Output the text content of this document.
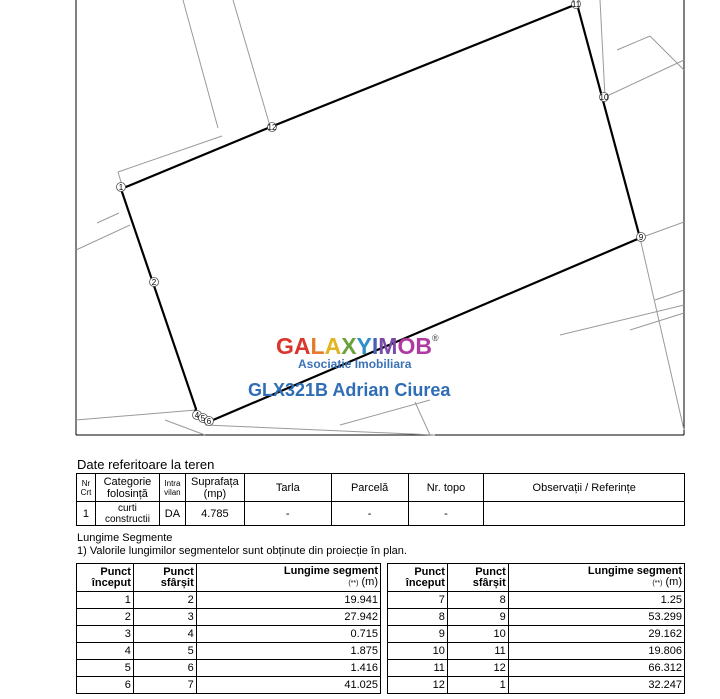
1
2
4 5 6
9
10
11
12
GALAXYIMOB®
Asociatie Imobiliara
GLX321B Adrian Ciurea
Date referitoare la teren
Nr Crt	Categorie folosință	Intra vilan	Suprafața (mp)	Tarla	Parcelă	Nr. topo	Observații / Referințe
1	curti constructii	DA	4.785	-	-	-	
Lungime Segmente
1) Valorile lungimilor segmentelor sunt obținute din proiecție în plan.
Punct început	Punct sfârșit	Lungime segment
(**) (m)
1	2	19.941
2	3	27.942
3	4	0.715
4	5	1.875
5	6	1.416
6	7	41.025
Punct început	Punct sfârșit	Lungime segment
(**) (m)
7	8	1.25
8	9	53.299
9	10	29.162
10	11	19.806
11	12	66.312
12	1	32.247
